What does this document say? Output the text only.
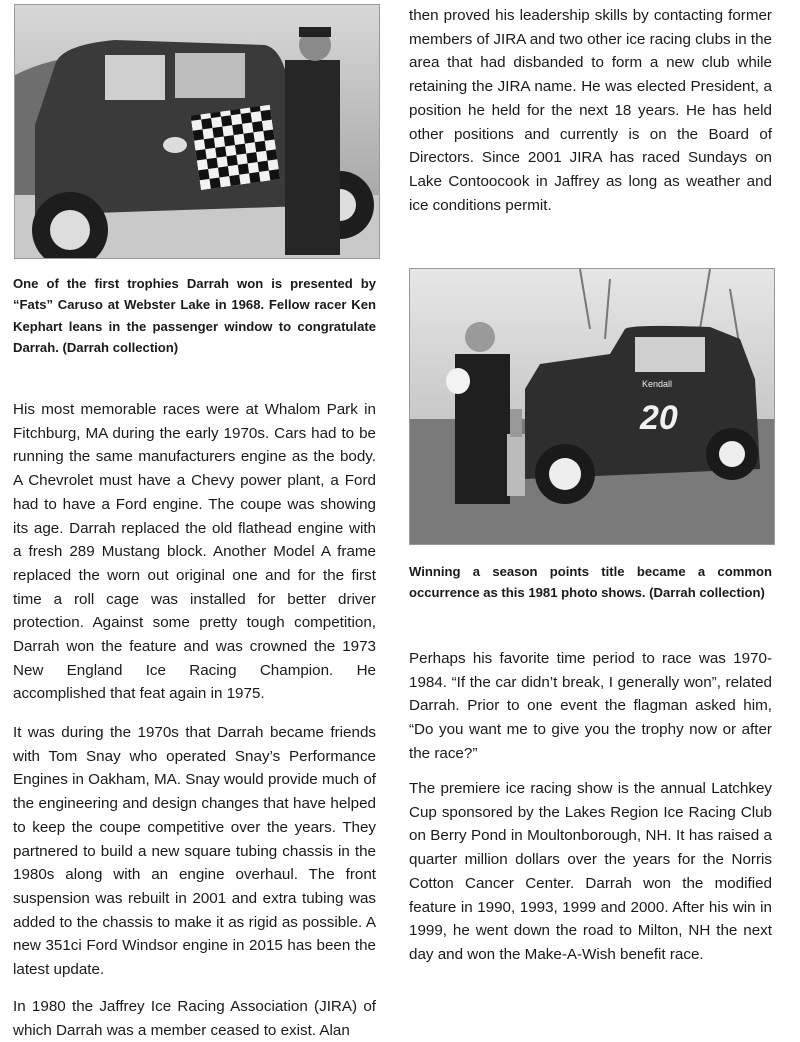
One of the first trophies Darrah won is presented by “Fats” Caruso at Webster Lake in 1968. Fellow racer Ken Kephart leans in the passenger window to congratulate Darrah. (Darrah collection)

His most memorable races were at Whalom Park in Fitchburg, MA during the early 1970s. Cars had to be running the same manufacturers engine as the body. A Chevrolet must have a Chevy power plant, a Ford had to have a Ford engine. The coupe was showing its age. Darrah replaced the old flathead engine with a fresh 289 Mustang block. Another Model A frame replaced the worn out original one and for the first time a roll cage was installed for better driver protection. Against some pretty tough competition, Darrah won the feature and was crowned the 1973 New England Ice Racing Champion. He accomplished that feat again in 1975.

It was during the 1970s that Darrah became friends with Tom Snay who operated Snay’s Performance Engines in Oakham, MA. Snay would provide much of the engineering and design changes that have helped to keep the coupe competitive over the years. They partnered to build a new square tubing chassis in the 1980s along with an engine overhaul. The front suspension was rebuilt in 2001 and extra tubing was added to the chassis to make it as rigid as possible. A new 351ci Ford Windsor engine in 2015 has been the latest update.

In 1980 the Jaffrey Ice Racing Association (JIRA) of which Darrah was a member ceased to exist. Alan

then proved his leadership skills by contacting former members of JIRA and two other ice racing clubs in the area that had disbanded to form a new club while retaining the JIRA name. He was elected President, a position he held for the next 18 years. He has held other positions and currently is on the Board of Directors. Since 2001 JIRA has raced Sundays on Lake Contoocook in Jaffrey as long as weather and ice conditions permit.

20
Kendall

Winning a season points title became a common occurrence as this 1981 photo shows. (Darrah collection)

Perhaps his favorite time period to race was 1970-1984. “If the car didn’t break, I generally won”, related Darrah. Prior to one event the flagman asked him, “Do you want me to give you the trophy now or after the race?”

The premiere ice racing show is the annual Latchkey Cup sponsored by the Lakes Region Ice Racing Club on Berry Pond in Moultonborough, NH. It has raised a quarter million dollars over the years for the Norris Cotton Cancer Center. Darrah won the modified feature in 1990, 1993, 1999 and 2000. After his win in 1999, he went down the road to Milton, NH the next day and won the Make-A-Wish benefit race.
